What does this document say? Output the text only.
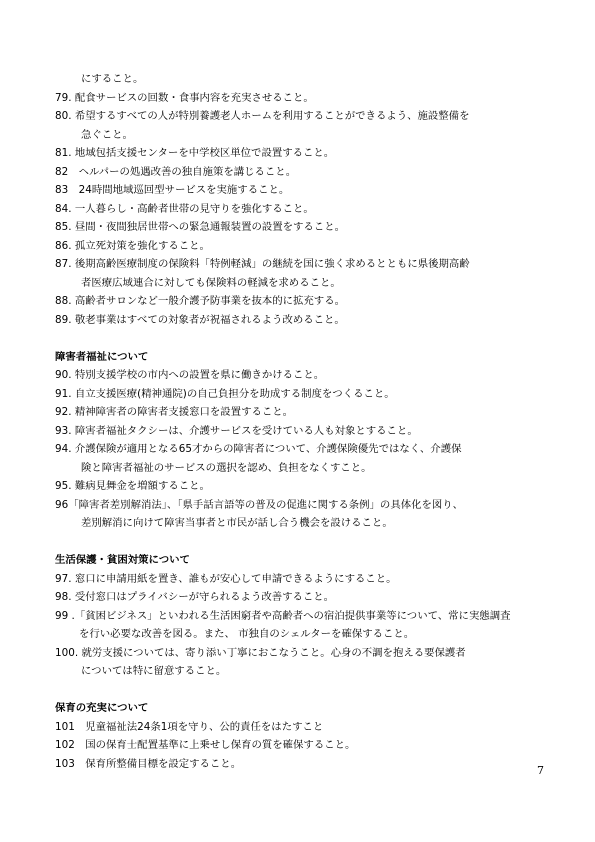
にすること。
79. 配食サービスの回数・食事内容を充実させること。
80. 希望するすべての人が特別養護老人ホームを利用することができるよう、施設整備を
急ぐこと。
81. 地域包括支援センターを中学校区単位で設置すること。
82　ヘルパーの処遇改善の独自施策を講じること。
83　24時間地域巡回型サービスを実施すること。
84. 一人暮らし・高齢者世帯の見守りを強化すること。
85. 昼間・夜間独居世帯への緊急通報装置の設置をすること。
86. 孤立死対策を強化すること。
87. 後期高齢医療制度の保険料「特例軽減」の継続を国に強く求めるとともに県後期高齢
者医療広域連合に対しても保険料の軽減を求めること。
88. 高齢者サロンなど一般介護予防事業を抜本的に拡充する。
89. 敬老事業はすべての対象者が祝福されるよう改めること。
障害者福祉について
90. 特別支援学校の市内への設置を県に働きかけること。
91. 自立支援医療(精神通院)の自己負担分を助成する制度をつくること。
92. 精神障害者の障害者支援窓口を設置すること。
93. 障害者福祉タクシーは、介護サービスを受けている人も対象とすること。
94. 介護保険が適用となる65才からの障害者について、介護保険優先ではなく、介護保
険と障害者福祉のサービスの選択を認め、負担をなくすこと。
95. 難病見舞金を増額すること。
96「障害者差別解消法」、「県手話言語等の普及の促進に関する条例」の具体化を図り、
差別解消に向けて障害当事者と市民が話し合う機会を設けること。
生活保護・貧困対策について
97. 窓口に申請用紙を置き、誰もが安心して申請できるようにすること。
98. 受付窓口はプライバシーが守られるよう改善すること。
99 .「貧困ビジネス」といわれる生活困窮者や高齢者への宿泊提供事業等について、常に実態調査
を行い必要な改善を図る。また、 市独自のシェルターを確保すること。
100. 就労支援については、寄り添い丁寧におこなうこと。心身の不調を抱える要保護者
については特に留意すること。
保育の充実について
101　児童福祉法24条1項を守り、公的責任をはたすこと
102　国の保育士配置基準に上乗せし保育の質を確保すること。
103　保育所整備目標を設定すること。
7
